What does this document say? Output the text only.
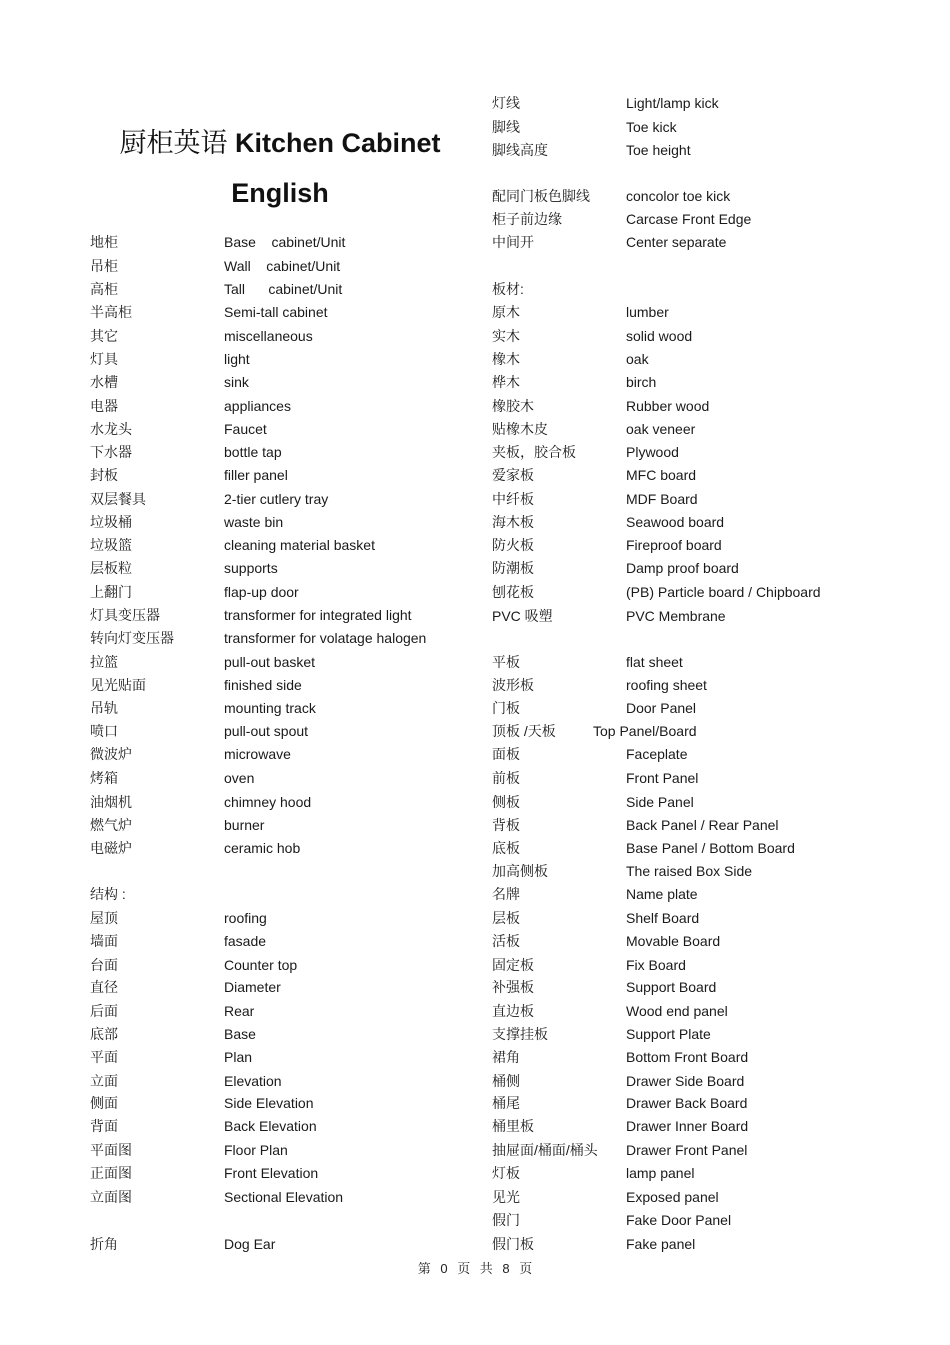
厨柜英语 Kitchen Cabinet English
地柜	Base    cabinet/Unit
吊柜	Wall    cabinet/Unit
高柜	Tall      cabinet/Unit
半高柜	Semi-tall cabinet
其它	miscellaneous
灯具	light
水槽	sink
电器	appliances
水龙头	Faucet
下水器	bottle tap
封板	filler panel
双层餐具	2-tier cutlery tray
垃圾桶	waste bin
垃圾篮	cleaning material basket
层板粒	supports
上翻门	flap-up door
灯具变压器	transformer for integrated light
转向灯变压器	transformer for volatage halogen
拉篮	pull-out basket
见光贴面	finished side
吊轨	mounting track
喷口	pull-out spout
微波炉	microwave
烤箱	oven
油烟机	chimney hood
燃气炉	burner
电磁炉	ceramic hob
结构 :
屋顶	roofing
墙面	fasade
台面	Counter top
直径	Diameter
后面	Rear
底部	Base
平面	Plan
立面	Elevation
侧面	Side Elevation
背面	Back Elevation
平面图	Floor Plan
正面图	Front Elevation
立面图	Sectional Elevation
折角	Dog Ear
灯线	Light/lamp kick
脚线	Toe kick
脚线高度	Toe height
配同门板色脚线	concolor toe kick
柜子前边缘	Carcase Front Edge
中间开	Center separate
板材:
原木	lumber
实木	solid wood
橡木	oak
桦木	birch
橡胶木	Rubber wood
贴橡木皮	oak veneer
夹板，胶合板	Plywood
爱家板	MFC board
中纤板	MDF Board
海木板	Seawood board
防火板	Fireproof board
防潮板	Damp proof board
刨花板	(PB) Particle board / Chipboard
PVC 吸塑	PVC Membrane
平板	flat sheet
波形板	roofing sheet
门板	Door Panel
顶板 /天板	Top Panel/Board
面板	Faceplate
前板	Front Panel
侧板	Side Panel
背板	Back Panel / Rear Panel
底板	Base Panel / Bottom Board
加高侧板	The raised Box Side
名牌	Name plate
层板	Shelf Board
活板	Movable Board
固定板	Fix Board
补强板	Support Board
直边板	Wood end panel
支撑挂板	Support Plate
裙角	Bottom Front Board
桶侧	Drawer Side Board
桶尾	Drawer Back Board
桶里板	Drawer Inner Board
抽屉面/桶面/桶头 Drawer Front Panel
灯板	lamp panel
见光	Exposed panel
假门	Fake Door Panel
假门板	Fake panel
第 0 页 共 8 页
